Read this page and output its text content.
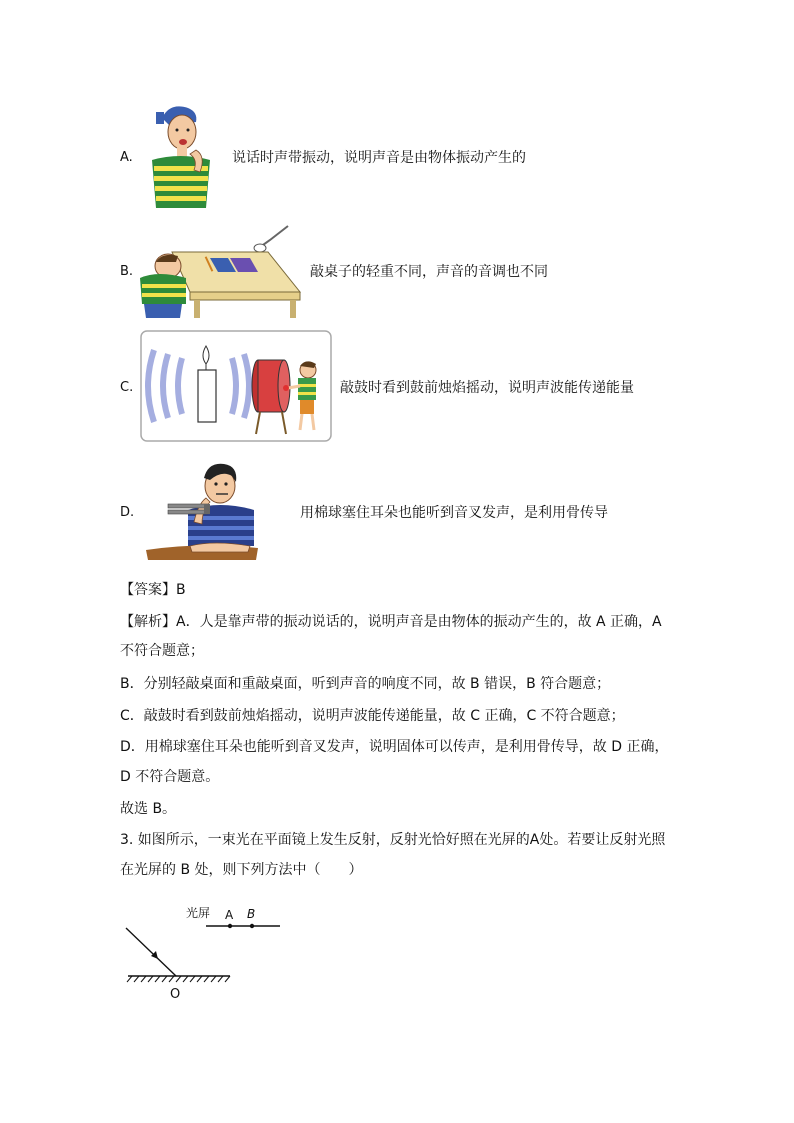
A.	说话时声带振动，说明声音是由物体振动产生的
B.	敲桌子的轻重不同，声音的音调也不同
C.	敲鼓时看到鼓前烛焰摇动，说明声波能传递能量
D.	用棉球塞住耳朵也能听到音叉发声，是利用骨传导
【答案】B
【解析】A．人是靠声带的振动说话的，说明声音是由物体的振动产生的，故 A 正确，A
不符合题意；
B．分别轻敲桌面和重敲桌面，听到声音的响度不同，故 B 错误，B 符合题意；
C．敲鼓时看到鼓前烛焰摇动，说明声波能传递能量，故 C 正确，C 不符合题意；
D．用棉球塞住耳朵也能听到音叉发声，说明固体可以传声，是利用骨传导，故 D 正确，
D 不符合题意。
故选 B。
3. 如图所示，一束光在平面镜上发生反射，反射光恰好照在光屏的A处。若要让反射光照
在光屏的 B 处，则下列方法中（　　）
光屏 A B
O
